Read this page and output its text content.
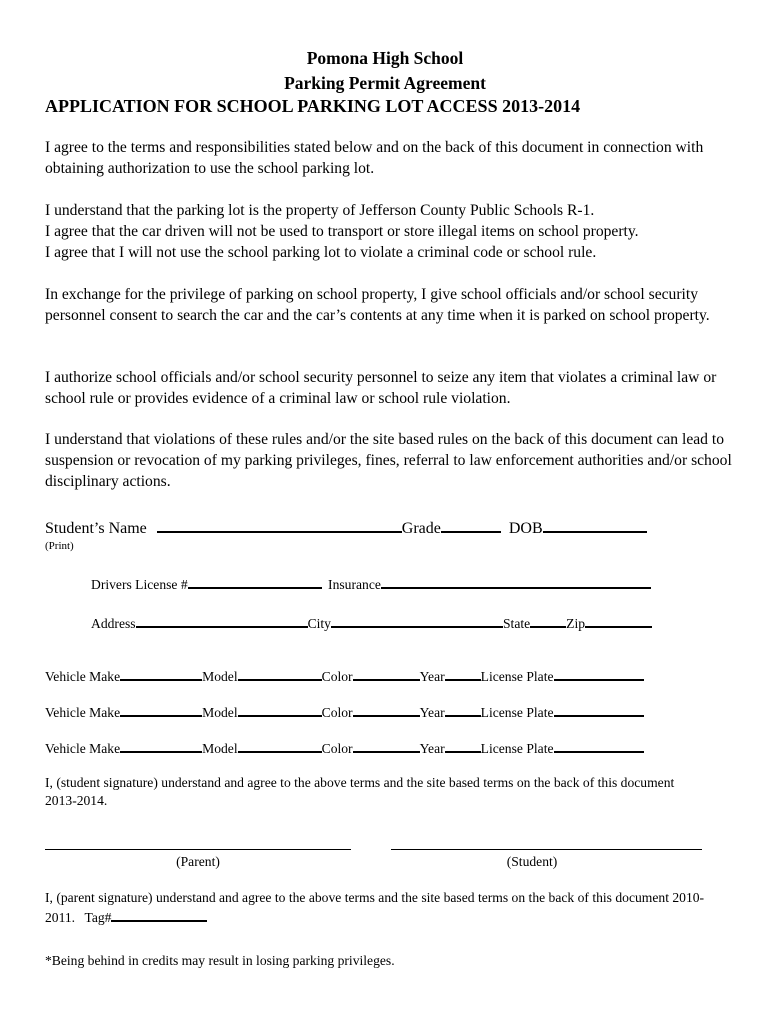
Pomona High School
Parking Permit Agreement
APPLICATION FOR SCHOOL PARKING LOT ACCESS 2013-2014
I agree to the terms and responsibilities stated below and on the back of this document in connection with obtaining authorization to use the school parking lot.

I understand that the parking lot is the property of Jefferson County Public Schools R-1.

I agree that the car driven will not be used to transport or store illegal items on school property.

I agree that I will not use the school parking lot to violate a criminal code or school rule.

In exchange for the privilege of parking on school property, I give school officials and/or school security personnel consent to search the car and the car’s contents at any time when it is parked on school property.
I authorize school officials and/or school security personnel to seize any item that violates a criminal law or school rule or provides evidence of a criminal law or school rule violation.
I understand that violations of these rules and/or the site based rules on the back of this document can lead to suspension or revocation of my parking privileges, fines, referral to law enforcement authorities and/or school disciplinary actions.
Student’s Name	Grade	DOB
(Print)
Drivers License #	Insurance
Address	City	State	Zip
Vehicle Make	Model	Color	Year	License Plate
Vehicle Make	Model	Color	Year	License Plate
Vehicle Make	Model	Color	Year	License Plate
I, (student signature) understand and agree to the above terms and the site based terms on the back of this document 2013-2014.
(Parent)	(Student)
I, (parent signature) understand and agree to the above terms and the site based terms on the back of this document 2010-2011. Tag#
*Being behind in credits may result in losing parking privileges.
